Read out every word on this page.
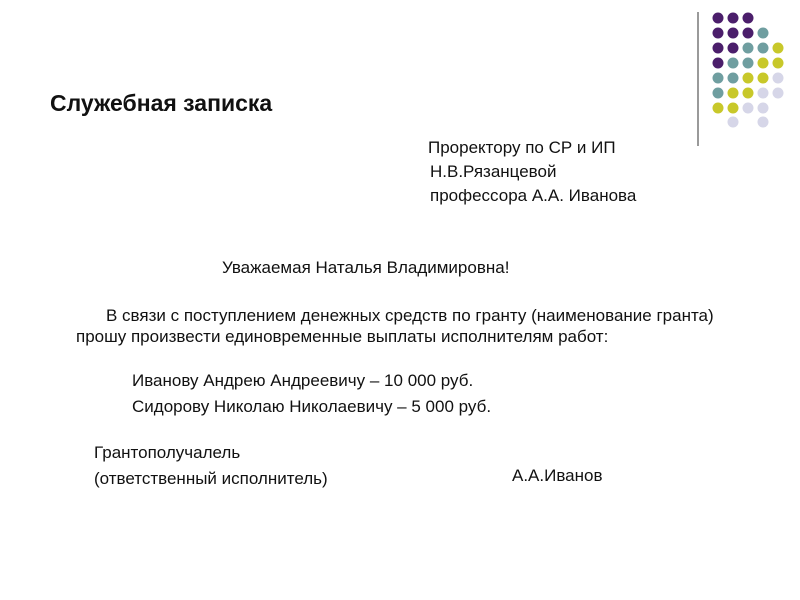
Служебная записка
Проректору по СР и ИП
Н.В.Рязанцевой
профессора А.А. Иванова
Уважаемая Наталья Владимировна!

В связи с поступлением денежных средств по гранту (наименование гранта) прошу произвести единовременные выплаты исполнителям работ:

Иванову Андрею Андреевичу – 10 000 руб.
Сидорову Николаю Николаевичу – 5 000 руб.
Грантополучалель
(ответственный исполнитель)	А.А.Иванов
